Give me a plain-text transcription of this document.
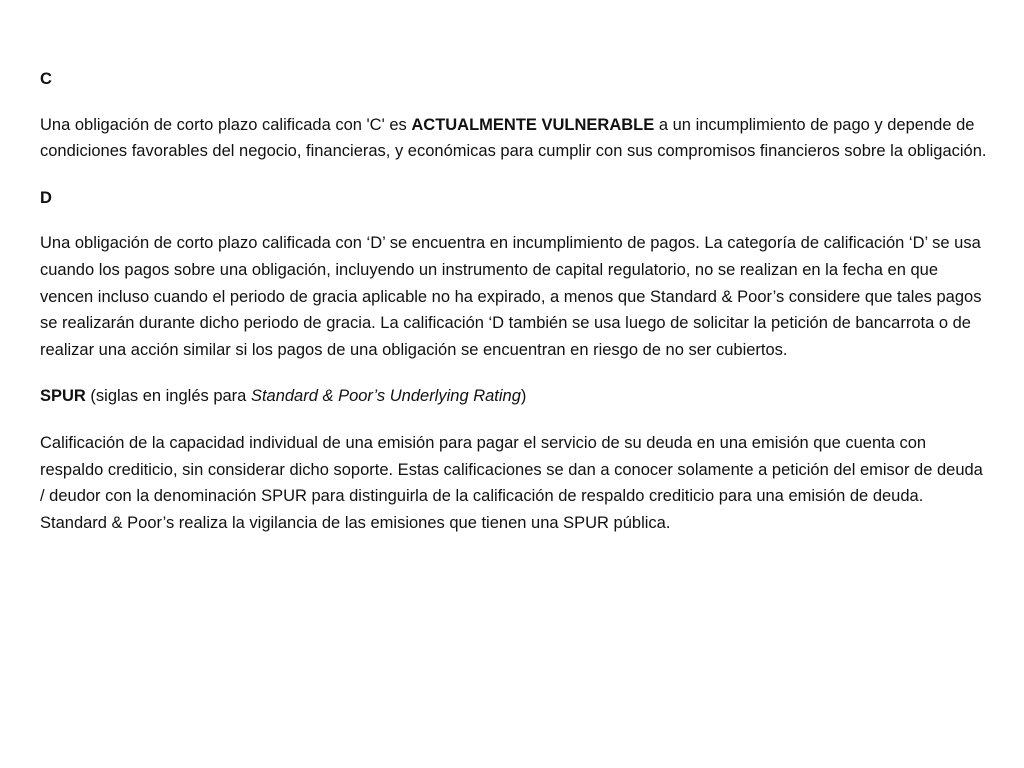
C

Una obligación de corto plazo calificada con 'C' es ACTUALMENTE VULNERABLE a un incumplimiento de pago y depende de condiciones favorables del negocio, financieras, y económicas para cumplir con sus compromisos financieros sobre la obligación.

D

Una obligación de corto plazo calificada con ‘D’ se encuentra en incumplimiento de pagos. La categoría de calificación ‘D’ se usa cuando los pagos sobre una obligación, incluyendo un instrumento de capital regulatorio, no se realizan en la fecha en que vencen incluso cuando el periodo de gracia aplicable no ha expirado, a menos que Standard & Poor’s considere que tales pagos se realizarán durante dicho periodo de gracia. La calificación ‘D también se usa luego de solicitar la petición de bancarrota o de realizar una acción similar si los pagos de una obligación se encuentran en riesgo de no ser cubiertos.

SPUR (siglas en inglés para Standard & Poor’s Underlying Rating)

Calificación de la capacidad individual de una emisión para pagar el servicio de su deuda en una emisión que cuenta con respaldo crediticio, sin considerar dicho soporte. Estas calificaciones se dan a conocer solamente a petición del emisor de deuda / deudor con la denominación SPUR para distinguirla de la calificación de respaldo crediticio para una emisión de deuda. Standard & Poor’s realiza la vigilancia de las emisiones que tienen una SPUR pública.
